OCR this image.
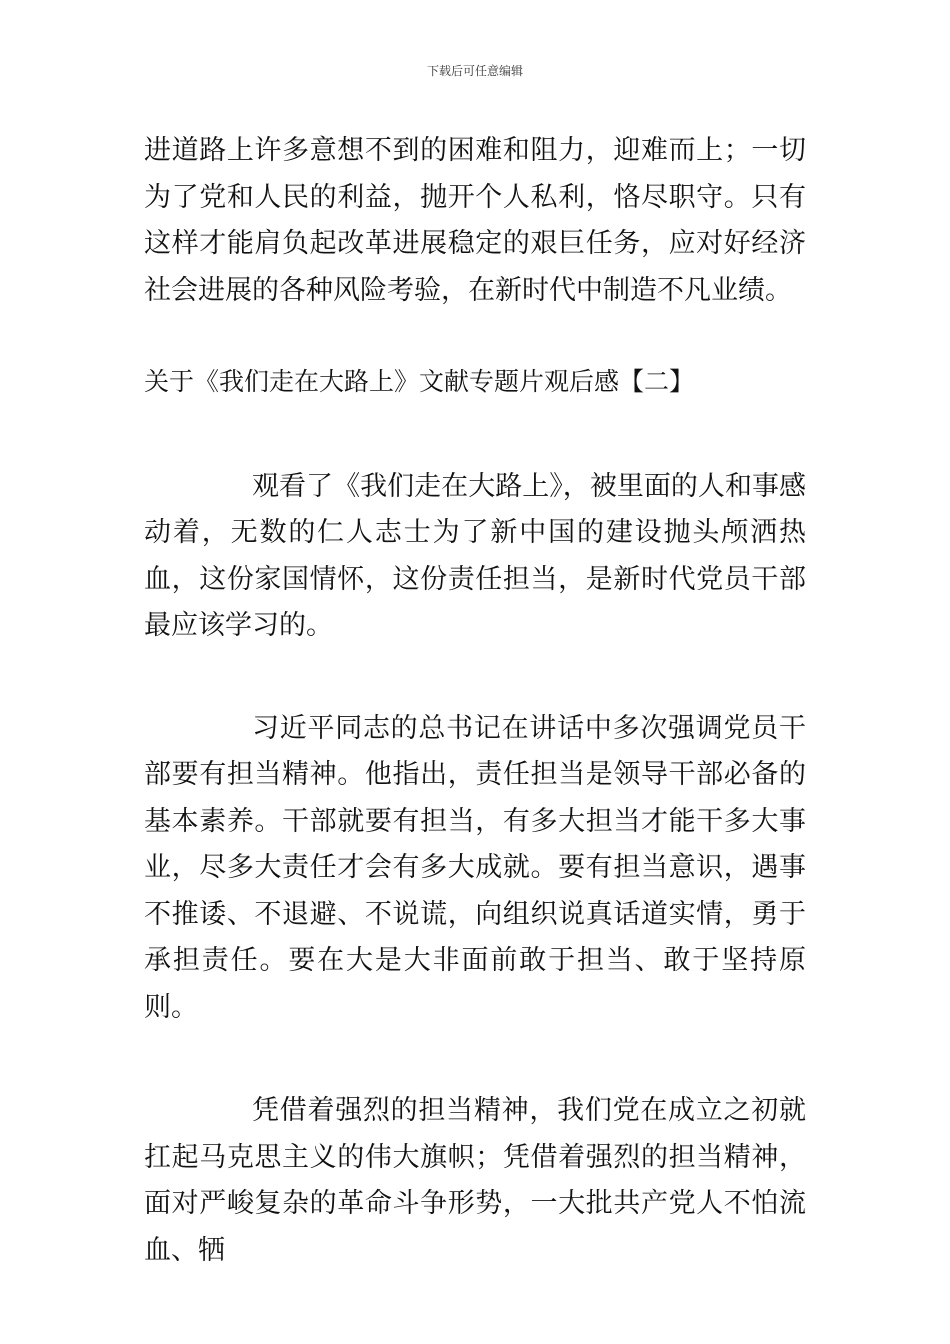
下载后可任意编辑

进道路上许多意想不到的困难和阻力，迎难而上；一切为了党和人民的利益，抛开个人私利，恪尽职守。只有这样才能肩负起改革进展稳定的艰巨任务，应对好经济社会进展的各种风险考验，在新时代中制造不凡业绩。

关于《我们走在大路上》文献专题片观后感【二】

观看了《我们走在大路上》，被里面的人和事感动着，无数的仁人志士为了新中国的建设抛头颅洒热血，这份家国情怀，这份责任担当，是新时代党员干部最应该学习的。

习近平同志的总书记在讲话中多次强调党员干部要有担当精神。他指出，责任担当是领导干部必备的基本素养。干部就要有担当，有多大担当才能干多大事业，尽多大责任才会有多大成就。要有担当意识，遇事不推诿、不退避、不说谎，向组织说真话道实情，勇于承担责任。要在大是大非面前敢于担当、敢于坚持原则。

凭借着强烈的担当精神，我们党在成立之初就扛起马克思主义的伟大旗帜；凭借着强烈的担当精神，面对严峻复杂的革命斗争形势，一大批共产党人不怕流血、牺
